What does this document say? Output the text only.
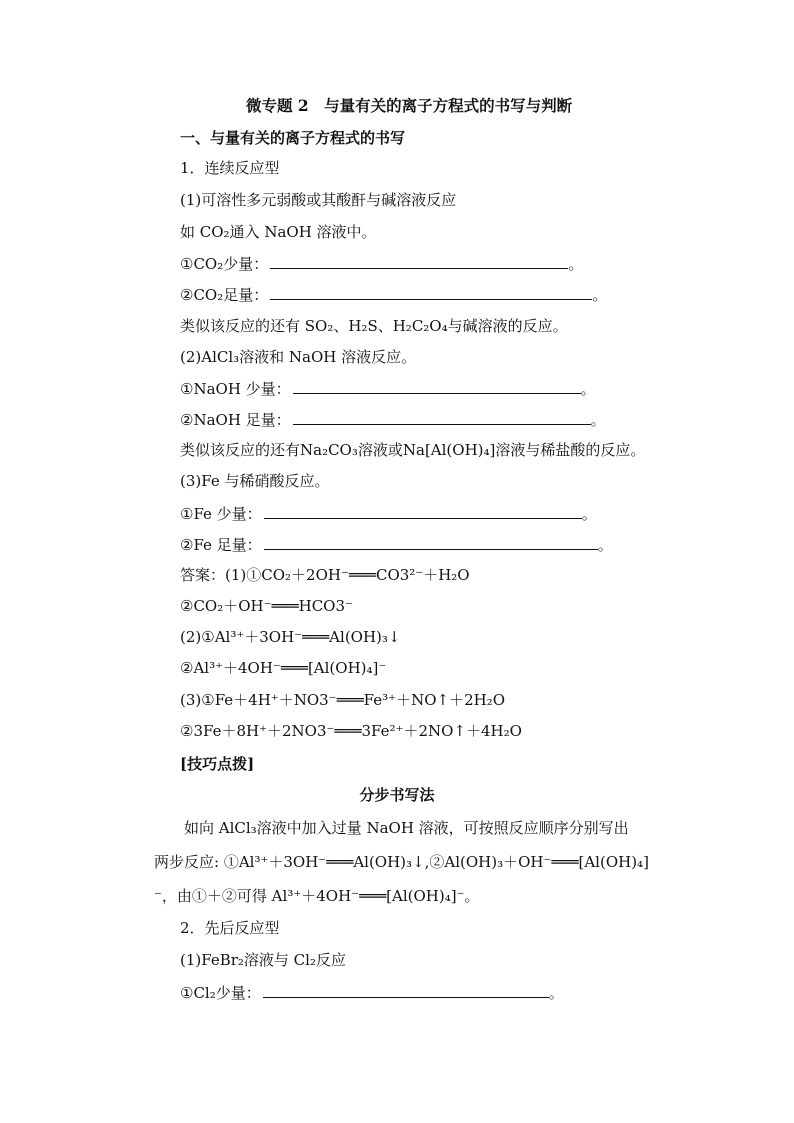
微专题 2　与量有关的离子方程式的书写与判断
一、与量有关的离子方程式的书写
1．连续反应型
(1)可溶性多元弱酸或其酸酐与碱溶液反应
如 CO₂通入 NaOH 溶液中。
①CO₂少量：	。
②CO₂足量：	。
类似该反应的还有 SO₂、H₂S、H₂C₂O₄与碱溶液的反应。
(2)AlCl₃溶液和 NaOH 溶液反应。
①NaOH 少量：	。
②NaOH 足量：	。
类似该反应的还有Na₂CO₃溶液或Na[Al(OH)₄]溶液与稀盐酸的反应。
(3)Fe 与稀硝酸反应。
①Fe 少量：	。
②Fe 足量：	。
答案：(1)①CO₂＋2OH⁻═══CO3²⁻＋H₂O
②CO₂＋OH⁻═══HCO3⁻
(2)①Al³⁺＋3OH⁻═══Al(OH)₃↓
②Al³⁺＋4OH⁻═══[Al(OH)₄]⁻
(3)①Fe＋4H⁺＋NO3⁻═══Fe³⁺＋NO↑＋2H₂O
②3Fe＋8H⁺＋2NO3⁻═══3Fe²⁺＋2NO↑＋4H₂O
[技巧点拨]
分步书写法
如向 AlCl₃溶液中加入过量 NaOH 溶液，可按照反应顺序分别写出
两步反应: ①Al³⁺＋3OH⁻═══Al(OH)₃↓,②Al(OH)₃＋OH⁻═══[Al(OH)₄]
⁻，由①＋②可得 Al³⁺＋4OH⁻═══[Al(OH)₄]⁻。
2．先后反应型
(1)FeBr₂溶液与 Cl₂反应
①Cl₂少量：	。
